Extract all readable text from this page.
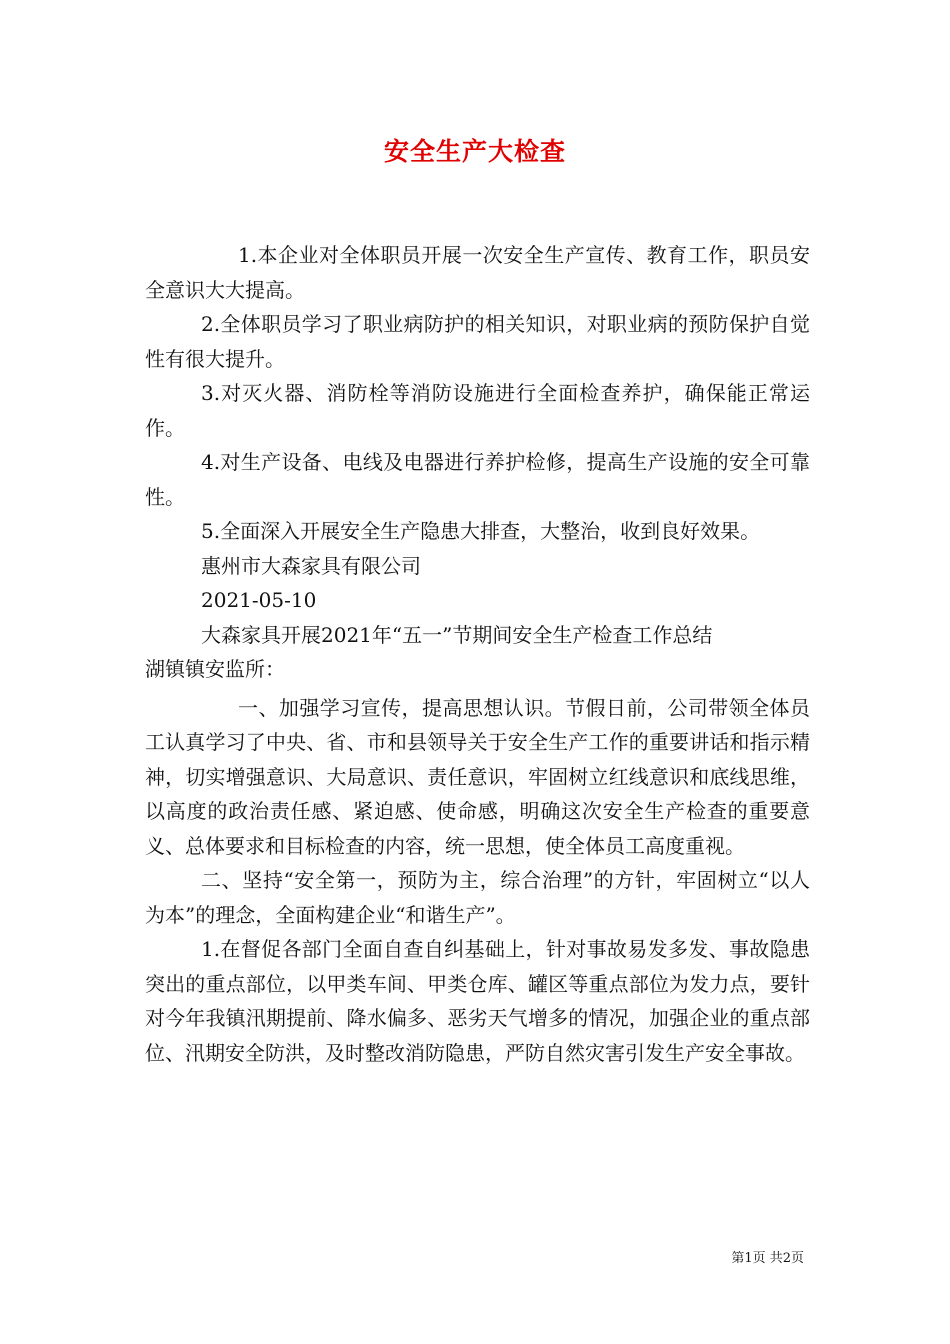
安全生产大检查

1.本企业对全体职员开展一次安全生产宣传、教育工作，职员安全意识大大提高。

2.全体职员学习了职业病防护的相关知识，对职业病的预防保护自觉性有很大提升。

3.对灭火器、消防栓等消防设施进行全面检查养护，确保能正常运作。

4.对生产设备、电线及电器进行养护检修，提高生产设施的安全可靠性。

5.全面深入开展安全生产隐患大排查，大整治，收到良好效果。

惠州市大森家具有限公司

2021-05-10

大森家具开展2021年“五一”节期间安全生产检查工作总结

湖镇镇安监所：

一、加强学习宣传，提高思想认识。节假日前，公司带领全体员工认真学习了中央、省、市和县领导关于安全生产工作的重要讲话和指示精神，切实增强意识、大局意识、责任意识，牢固树立红线意识和底线思维，以高度的政治责任感、紧迫感、使命感，明确这次安全生产检查的重要意义、总体要求和目标检查的内容，统一思想，使全体员工高度重视。

二、坚持“安全第一，预防为主，综合治理”的方针，牢固树立“以人为本”的理念，全面构建企业“和谐生产”。

1.在督促各部门全面自查自纠基础上，针对事故易发多发、事故隐患突出的重点部位，以甲类车间、甲类仓库、罐区等重点部位为发力点，要针对今年我镇汛期提前、降水偏多、恶劣天气增多的情况，加强企业的重点部位、汛期安全防洪，及时整改消防隐患，严防自然灾害引发生产安全事故。

第1页 共2页
